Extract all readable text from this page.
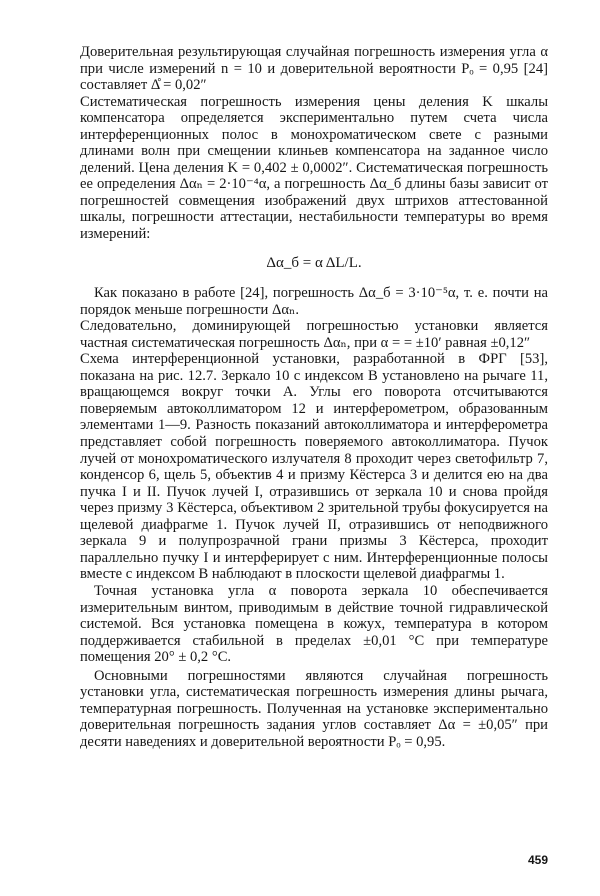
Доверительная результирующая случайная погрешность измерения угла α при числе измерений n = 10 и доверительной вероятности Pₒ = 0,95 [24] составляет Δ̊ = 0,02″

Систематическая погрешность измерения цены деления K шкалы компенсатора определяется экспериментально путем счета числа интерференционных полос в монохроматическом свете с разными длинами волн при смещении клиньев компенсатора на заданное число делений. Цена деления K = 0,402 ± 0,0002″. Систематическая погрешность ее определения Δαₙ = 2·10⁻⁴α, а погрешность Δα_б длины базы зависит от погрешностей совмещения изображений двух штрихов аттестованной шкалы, погрешности аттестации, нестабильности температуры во время измерений:

Δα_б = α ΔL/L.

Как показано в работе [24], погрешность Δα_б = 3·10⁻⁵α, т. е. почти на порядок меньше погрешности Δαₙ.

Следовательно, доминирующей погрешностью установки является частная систематическая погрешность Δαₙ, при α = = ±10′ равная ±0,12″

Схема интерференционной установки, разработанной в ФРГ [53], показана на рис. 12.7. Зеркало 10 с индексом B установлено на рычаге 11, вращающемся вокруг точки A. Углы его поворота отсчитываются поверяемым автоколлиматором 12 и интерферометром, образованным элементами 1—9. Разность показаний автоколлиматора и интерферометра представляет собой погрешность поверяемого автоколлиматора. Пучок лучей от монохроматического излучателя 8 проходит через светофильтр 7, конденсор 6, щель 5, объектив 4 и призму Кёстерса 3 и делится ею на два пучка I и II. Пучок лучей I, отразившись от зеркала 10 и снова пройдя через призму 3 Кёстерса, объективом 2 зрительной трубы фокусируется на щелевой диафрагме 1. Пучок лучей II, отразившись от неподвижного зеркала 9 и полупрозрачной грани призмы 3 Кёстерса, проходит параллельно пучку I и интерферирует с ним. Интерференционные полосы вместе с индексом B наблюдают в плоскости щелевой диафрагмы 1.

Точная установка угла α поворота зеркала 10 обеспечивается измерительным винтом, приводимым в действие точной гидравлической системой. Вся установка помещена в кожух, температура в котором поддерживается стабильной в пределах ±0,01 °C при температуре помещения 20° ± 0,2 °C.

Основными погрешностями являются случайная погрешность установки угла, систематическая погрешность измерения длины рычага, температурная погрешность. Полученная на установке экспериментально доверительная погрешность задания углов составляет Δα = ±0,05″ при десяти наведениях и доверительной вероятности Pₒ = 0,95.

459
